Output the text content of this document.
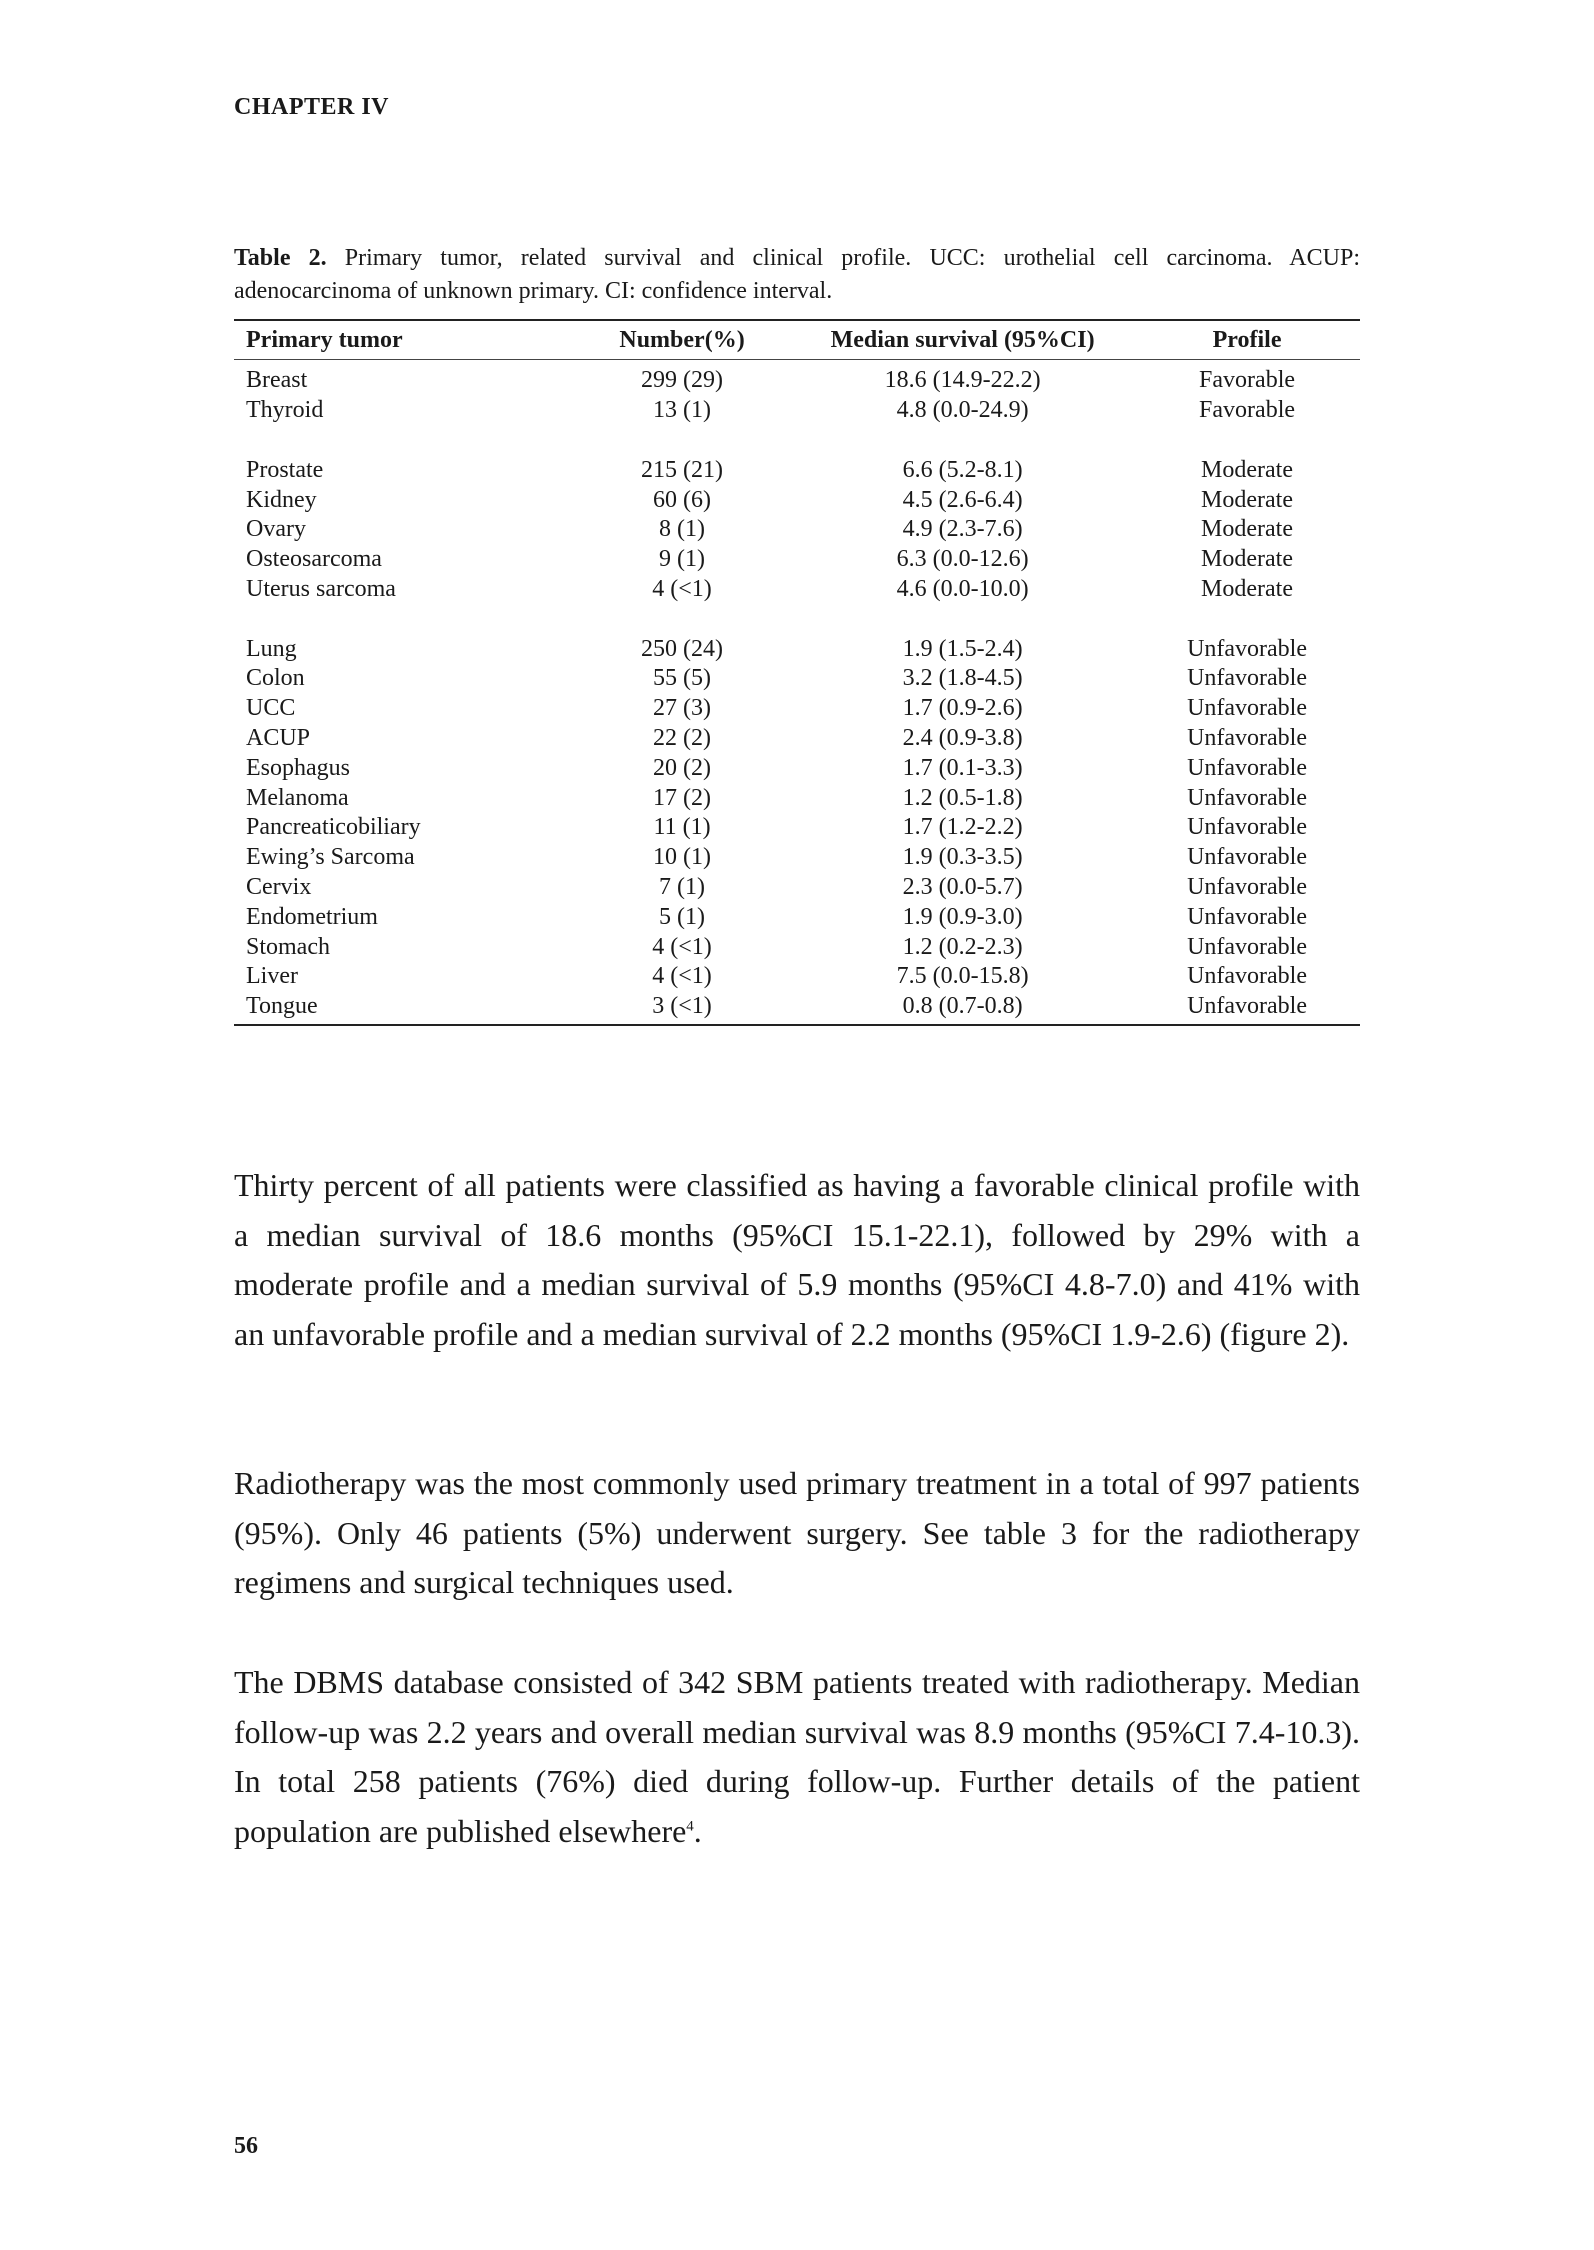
CHAPTER IV
Table 2. Primary tumor, related survival and clinical profile. UCC: urothelial cell carcinoma. ACUP: adenocarcinoma of unknown primary. CI: confidence interval.
Primary tumor	Number(%)	Median survival (95%CI)	Profile
Breast	299 (29)	18.6 (14.9-22.2)	Favorable
Thyroid	13 (1)	4.8 (0.0-24.9)	Favorable

Prostate	215 (21)	6.6 (5.2-8.1)	Moderate
Kidney	60 (6)	4.5 (2.6-6.4)	Moderate
Ovary	8 (1)	4.9 (2.3-7.6)	Moderate
Osteosarcoma	9 (1)	6.3 (0.0-12.6)	Moderate
Uterus sarcoma	4 (<1)	4.6 (0.0-10.0)	Moderate

Lung	250 (24)	1.9 (1.5-2.4)	Unfavorable
Colon	55 (5)	3.2 (1.8-4.5)	Unfavorable
UCC	27 (3)	1.7 (0.9-2.6)	Unfavorable
ACUP	22 (2)	2.4 (0.9-3.8)	Unfavorable
Esophagus	20 (2)	1.7 (0.1-3.3)	Unfavorable
Melanoma	17 (2)	1.2 (0.5-1.8)	Unfavorable
Pancreaticobiliary	11 (1)	1.7 (1.2-2.2)	Unfavorable
Ewing’s Sarcoma	10 (1)	1.9 (0.3-3.5)	Unfavorable
Cervix	7 (1)	2.3 (0.0-5.7)	Unfavorable
Endometrium	5 (1)	1.9 (0.9-3.0)	Unfavorable
Stomach	4 (<1)	1.2 (0.2-2.3)	Unfavorable
Liver	4 (<1)	7.5 (0.0-15.8)	Unfavorable
Tongue	3 (<1)	0.8 (0.7-0.8)	Unfavorable

Thirty percent of all patients were classified as having a favorable clinical profile with a median survival of 18.6 months (95%CI 15.1-22.1), followed by 29% with a moderate profile and a median survival of 5.9 months (95%CI 4.8-7.0) and 41% with an unfavorable profile and a median survival of 2.2 months (95%CI 1.9-2.6) (figure 2).

Radiotherapy was the most commonly used primary treatment in a total of 997 patients (95%). Only 46 patients (5%) underwent surgery. See table 3 for the radiotherapy regimens and surgical techniques used.

The DBMS database consisted of 342 SBM patients treated with radiotherapy. Median follow-up was 2.2 years and overall median survival was 8.9 months (95%CI 7.4-10.3). In total 258 patients (76%) died during follow-up. Further details of the patient population are published elsewhere$^4$.

56
